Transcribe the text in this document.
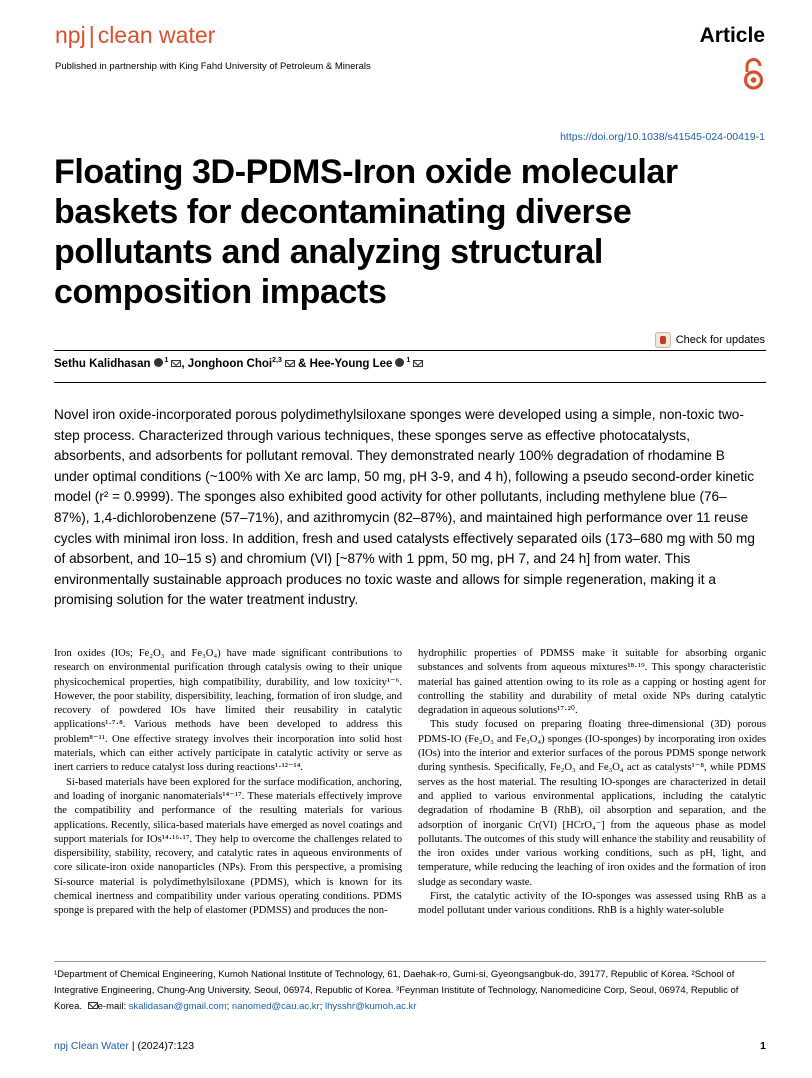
npj | clean water	Article
Published in partnership with King Fahd University of Petroleum & Minerals
https://doi.org/10.1038/s41545-024-00419-1
Floating 3D-PDMS-Iron oxide molecular baskets for decontaminating diverse pollutants and analyzing structural composition impacts
Check for updates
Sethu Kalidhasan $^1$ , Jonghoon Choi$^{2,3}$ & Hee-Young Lee $^1$

Novel iron oxide-incorporated porous polydimethylsiloxane sponges were developed using a simple, non-toxic two-step process. Characterized through various techniques, these sponges serve as effective photocatalysts, absorbents, and adsorbents for pollutant removal. They demonstrated nearly 100% degradation of rhodamine B under optimal conditions (~100% with Xe arc lamp, 50 mg, pH 3-9, and 4 h), following a pseudo second-order kinetic model (r² = 0.9999). The sponges also exhibited good activity for other pollutants, including methylene blue (76–87%), 1,4-dichlorobenzene (57–71%), and azithromycin (82–87%), and maintained high performance over 11 reuse cycles with minimal iron loss. In addition, fresh and used catalysts effectively separated oils (173–680 mg with 50 mg of absorbent, and 10–15 s) and chromium (VI) [~87% with 1 ppm, 50 mg, pH 7, and 24 h] from water. This environmentally sustainable approach produces no toxic waste and allows for simple regeneration, making it a promising solution for the water treatment industry.

Iron oxides (IOs; Fe₂O₃ and Fe₃O₄) have made significant contributions to research on environmental purification through catalysis owing to their unique physicochemical properties, high compatibility, durability, and low toxicity¹⁻⁶. However, the poor stability, dispersibility, leaching, formation of iron sludge, and recovery of powdered IOs have limited their reusability in catalytic applications¹·⁷·⁸. Various methods have been developed to address this problem⁸⁻¹¹. One effective strategy involves their incorporation into solid host materials, which can either actively participate in catalytic activity or serve as inert carriers to reduce catalyst loss during reactions¹·¹²⁻¹⁴.

Si-based materials have been explored for the surface modification, anchoring, and loading of inorganic nanomaterials¹⁴⁻¹⁷. These materials effectively improve the compatibility and performance of the resulting materials for various applications. Recently, silica-based materials have emerged as novel coatings and support materials for IOs¹⁴·¹⁶·¹⁷. They help to overcome the challenges related to dispersibility, stability, recovery, and catalytic rates in aqueous environments of core silicate-iron oxide nanoparticles (NPs). From this perspective, a promising Si-source material is polydimethylsiloxane (PDMS), which is known for its chemical inertness and compatibility under various operating conditions. PDMS sponge is prepared with the help of elastomer (PDMSS) and produces the non-

hydrophilic properties of PDMSS make it suitable for absorbing organic substances and solvents from aqueous mixtures¹⁸·¹⁹. This spongy characteristic material has gained attention owing to its role as a capping or hosting agent for controlling the stability and durability of metal oxide NPs during catalytic degradation in aqueous solutions¹⁷·²⁰.

This study focused on preparing floating three-dimensional (3D) porous PDMS-IO (Fe₂O₃ and Fe₃O₄) sponges (IO-sponges) by incorporating iron oxides (IOs) into the interior and exterior surfaces of the porous PDMS sponge network during synthesis. Specifically, Fe₂O₃ and Fe₃O₄ act as catalysts¹⁻⁸, while PDMS serves as the host material. The resulting IO-sponges are characterized in detail and applied to various environmental applications, including the catalytic degradation of rhodamine B (RhB), oil absorption and separation, and the adsorption of inorganic Cr(VI) [HCrO₄⁻] from the aqueous phase as model pollutants. The outcomes of this study will enhance the stability and reusability of the iron oxides under various working conditions, such as pH, light, and temperature, while reducing the leaching of iron oxides and the formation of iron sludge as secondary waste.

First, the catalytic activity of the IO-sponges was assessed using RhB as a model pollutant under various conditions. RhB is a highly water-soluble

¹Department of Chemical Engineering, Kumoh National Institute of Technology, 61, Daehak-ro, Gumi-si, Gyeongsangbuk-do, 39177, Republic of Korea. ²School of Integrative Engineering, Chung-Ang University, Seoul, 06974, Republic of Korea. ³Feynman Institute of Technology, Nanomedicine Corp, Seoul, 06974, Republic of Korea. e-mail: skalidasan@gmail.com; nanomed@cau.ac.kr; lhysshr@kumoh.ac.kr
npj Clean Water | (2024)7:123	1
